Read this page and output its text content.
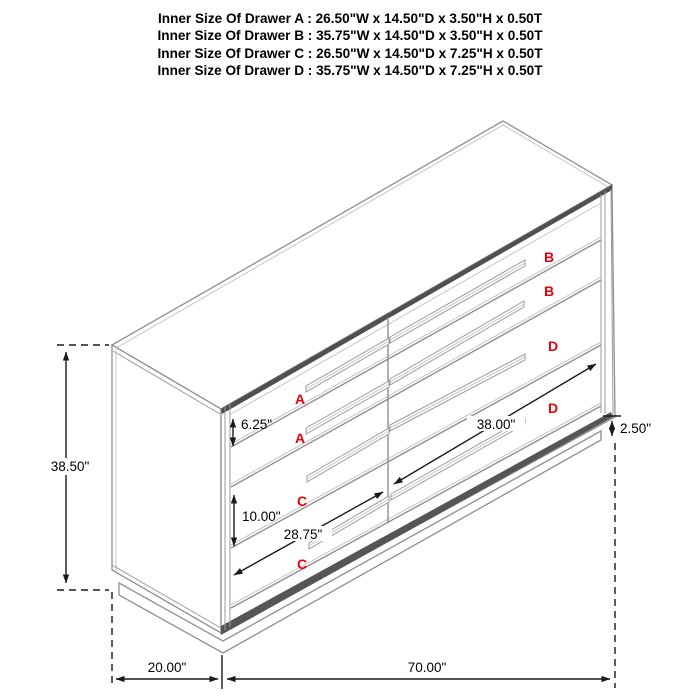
Inner Size Of Drawer A : 26.50"W x 14.50"D x 3.50"H x 0.50T
Inner Size Of Drawer B : 35.75"W x 14.50"D x 3.50"H x 0.50T
Inner Size Of Drawer C : 26.50"W x 14.50"D x 7.25"H x 0.50T
Inner Size Of Drawer D : 35.75"W x 14.50"D x 7.25"H x 0.50T
A
A
C
C
B
B
D
D
38.50"
20.00"	70.00"
2.50"
6.25"
10.00"
28.75"
38.00"
